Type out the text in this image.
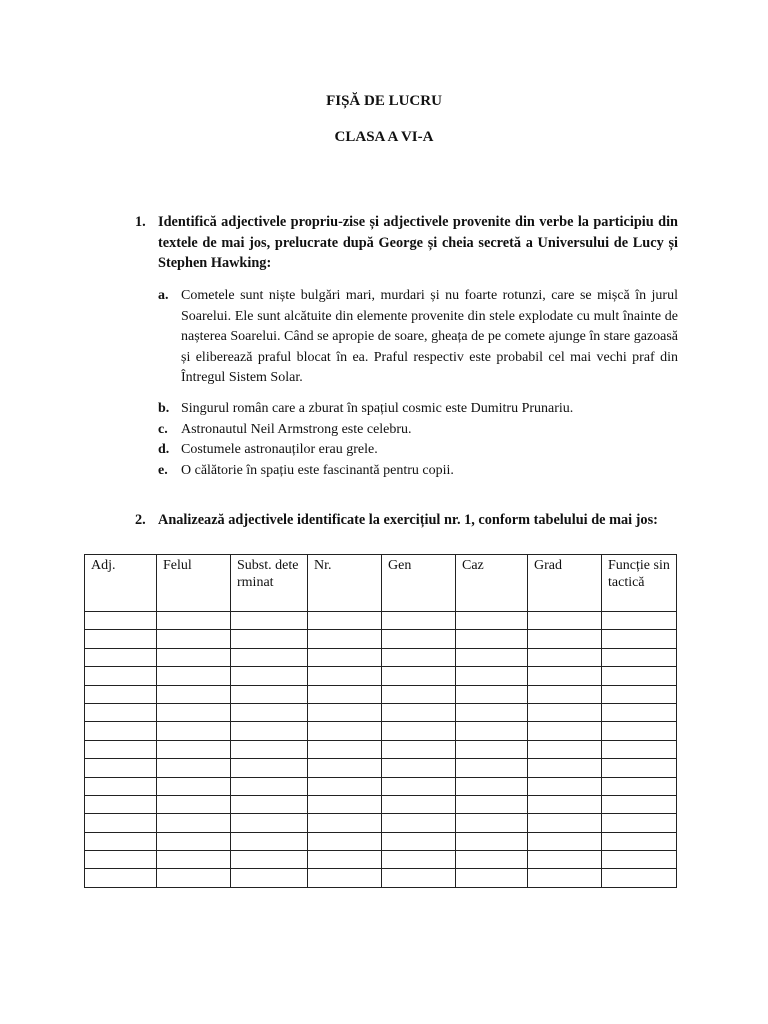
FIȘĂ DE LUCRU
CLASA A VI-A
1. Identifică adjectivele propriu-zise și adjectivele provenite din verbe la participiu din textele de mai jos, prelucrate după George și cheia secretă a Universului de Lucy și Stephen Hawking:
a. Cometele sunt niște bulgări mari, murdari și nu foarte rotunzi, care se mișcă în jurul Soarelui. Ele sunt alcătuite din elemente provenite din stele explodate cu mult înainte de nașterea Soarelui. Când se apropie de soare, gheața de pe comete ajunge în stare gazoasă și eliberează praful blocat în ea. Praful respectiv este probabil cel mai vechi praf din Întregul Sistem Solar.
b. Singurul român care a zburat în spațiul cosmic este Dumitru Prunariu.
c. Astronautul Neil Armstrong este celebru.
d. Costumele astronauților erau grele.
e. O călătorie în spațiu este fascinantă pentru copii.
2. Analizează adjectivele identificate la exercițiul nr. 1, conform tabelului de mai jos:
Adj.	Felul	Subst. determinat	Nr.	Gen	Caz	Grad	Funcție sintactică
